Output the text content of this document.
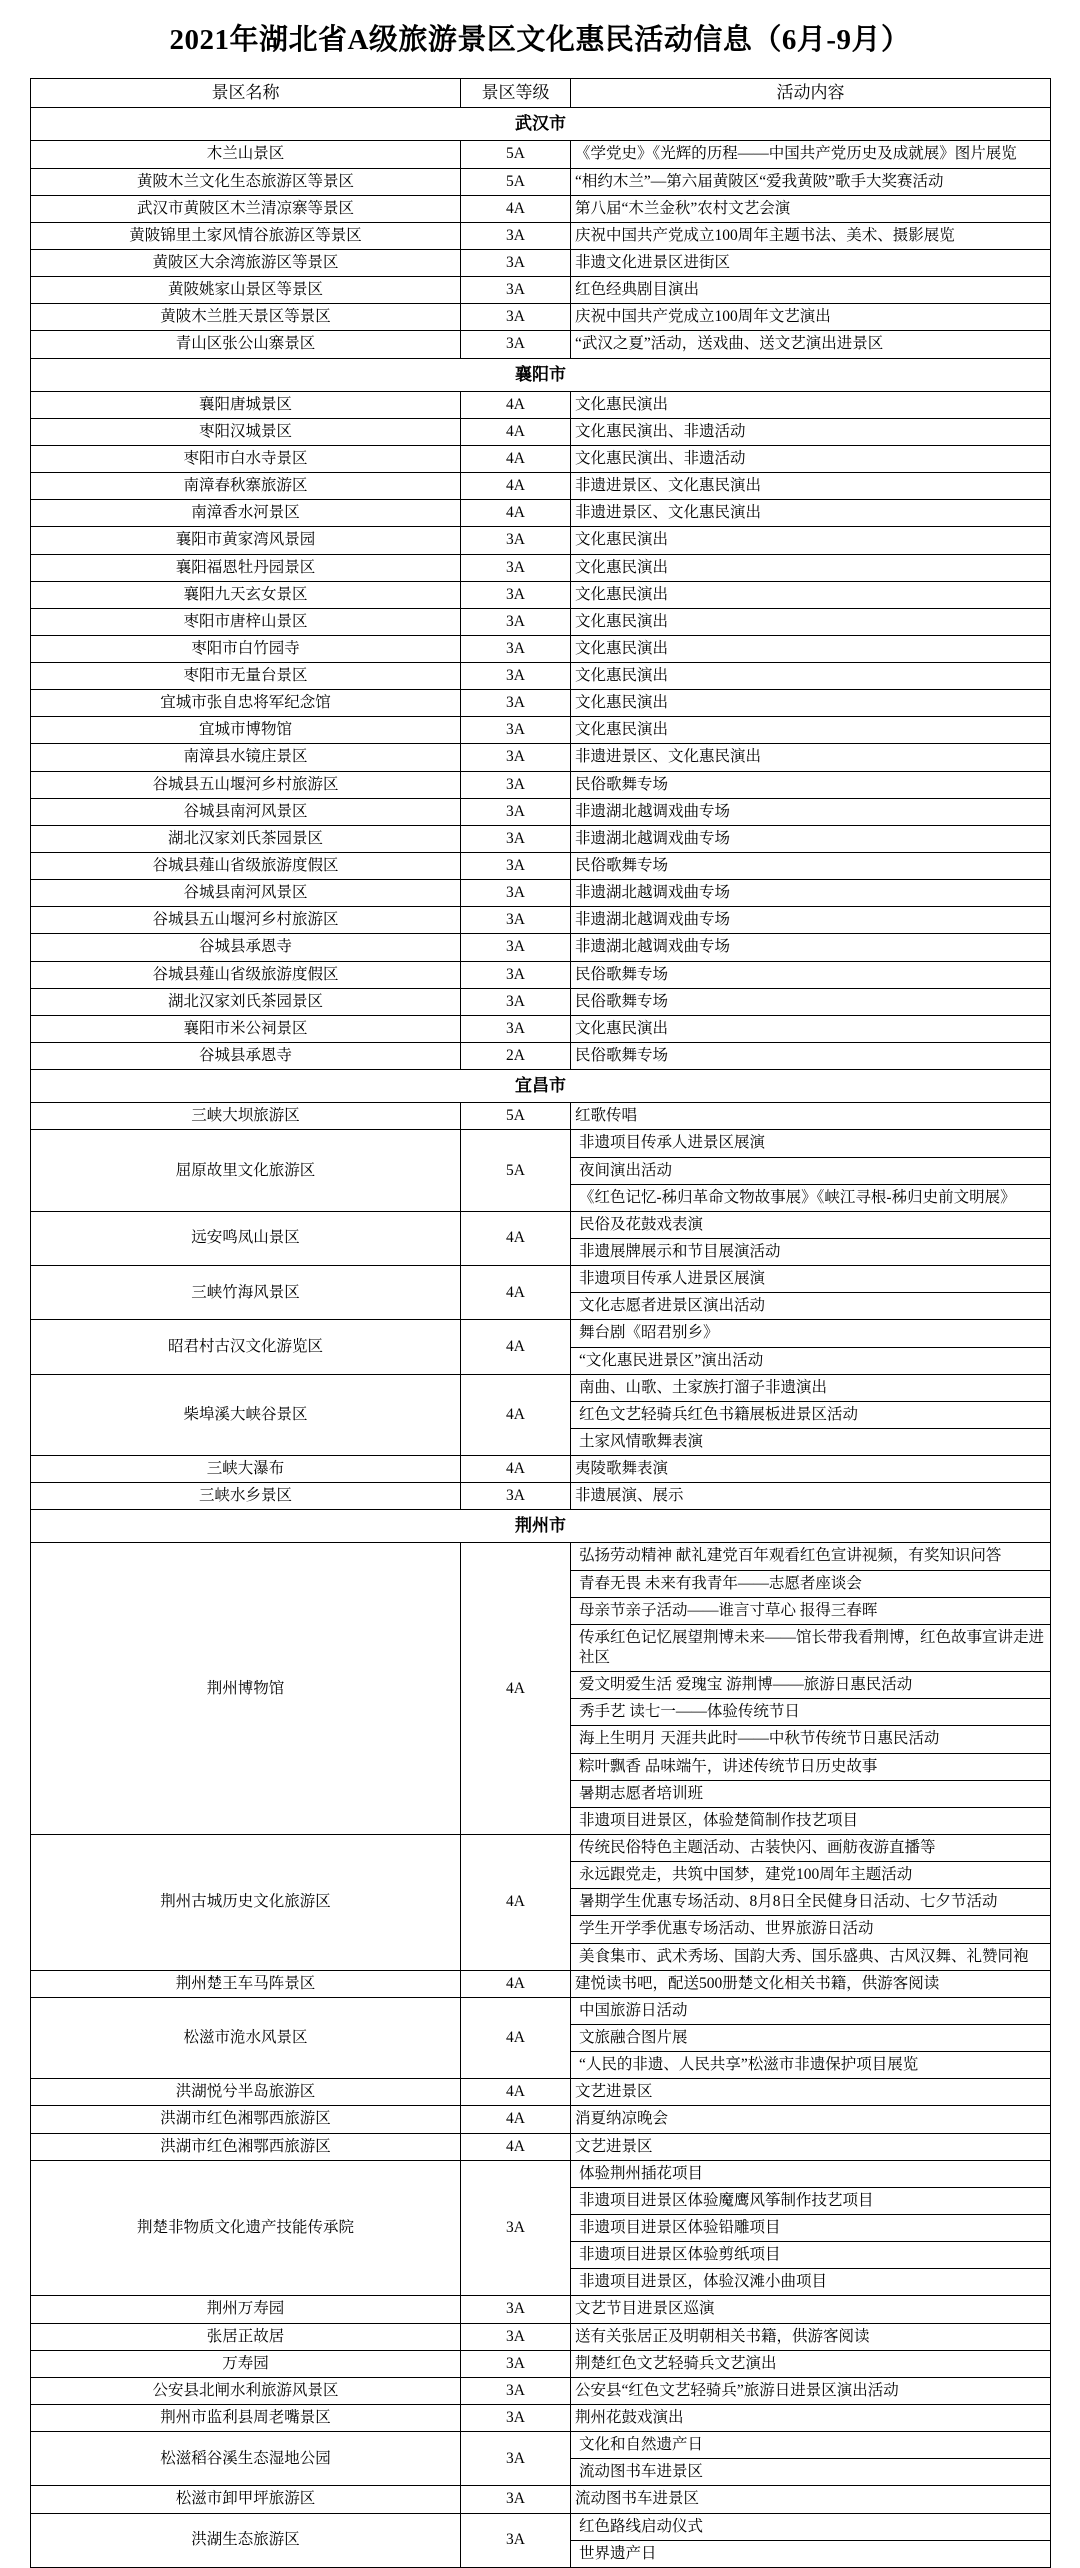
2021年湖北省A级旅游景区文化惠民活动信息（6月-9月）
景区名称	景区等级	活动内容
武汉市
木兰山景区	5A	《学党史》《光辉的历程——中国共产党历史及成就展》图片展览
黄陂木兰文化生态旅游区等景区	5A	“相约木兰”—第六届黄陂区“爱我黄陂”歌手大奖赛活动
武汉市黄陂区木兰清凉寨等景区	4A	第八届“木兰金秋”农村文艺会演
黄陂锦里土家风情谷旅游区等景区	3A	庆祝中国共产党成立100周年主题书法、美术、摄影展览
黄陂区大余湾旅游区等景区	3A	非遗文化进景区进街区
黄陂姚家山景区等景区	3A	红色经典剧目演出
黄陂木兰胜天景区等景区	3A	庆祝中国共产党成立100周年文艺演出
青山区张公山寨景区	3A	“武汉之夏”活动，送戏曲、送文艺演出进景区
襄阳市
襄阳唐城景区	4A	文化惠民演出
枣阳汉城景区	4A	文化惠民演出、非遗活动
枣阳市白水寺景区	4A	文化惠民演出、非遗活动
南漳春秋寨旅游区	4A	非遗进景区、文化惠民演出
南漳香水河景区	4A	非遗进景区、文化惠民演出
襄阳市黄家湾风景园	3A	文化惠民演出
襄阳福恩牡丹园景区	3A	文化惠民演出
襄阳九天玄女景区	3A	文化惠民演出
枣阳市唐梓山景区	3A	文化惠民演出
枣阳市白竹园寺	3A	文化惠民演出
枣阳市无量台景区	3A	文化惠民演出
宜城市张自忠将军纪念馆	3A	文化惠民演出
宜城市博物馆	3A	文化惠民演出
南漳县水镜庄景区	3A	非遗进景区、文化惠民演出
谷城县五山堰河乡村旅游区	3A	民俗歌舞专场
谷城县南河风景区	3A	非遗湖北越调戏曲专场
湖北汉家刘氏茶园景区	3A	非遗湖北越调戏曲专场
谷城县薤山省级旅游度假区	3A	民俗歌舞专场
谷城县南河风景区	3A	非遗湖北越调戏曲专场
谷城县五山堰河乡村旅游区	3A	非遗湖北越调戏曲专场
谷城县承恩寺	3A	非遗湖北越调戏曲专场
谷城县薤山省级旅游度假区	3A	民俗歌舞专场
湖北汉家刘氏茶园景区	3A	民俗歌舞专场
襄阳市米公祠景区	3A	文化惠民演出
谷城县承恩寺	2A	民俗歌舞专场
宜昌市
三峡大坝旅游区	5A	红歌传唱
屈原故里文化旅游区	5A	
非遗项目传承人进景区展演
夜间演出活动
《红色记忆-秭归革命文物故事展》《峡江寻根-秭归史前文明展》

远安鸣凤山景区	4A	
民俗及花鼓戏表演
非遗展牌展示和节目展演活动

三峡竹海风景区	4A	
非遗项目传承人进景区展演
文化志愿者进景区演出活动

昭君村古汉文化游览区	4A	
舞台剧《昭君别乡》
“文化惠民进景区”演出活动

柴埠溪大峡谷景区	4A	
南曲、山歌、土家族打溜子非遗演出
红色文艺轻骑兵红色书籍展板进景区活动
土家风情歌舞表演

三峡大瀑布	4A	夷陵歌舞表演
三峡水乡景区	3A	非遗展演、展示
荆州市
荆州博物馆	4A	
弘扬劳动精神 献礼建党百年观看红色宣讲视频，有奖知识问答
青春无畏 未来有我青年——志愿者座谈会
母亲节亲子活动——谁言寸草心 报得三春晖
传承红色记忆展望荆博未来——馆长带我看荆博，红色故事宣讲走进社区
爱文明爱生活 爱瑰宝 游荆博——旅游日惠民活动
秀手艺 读七一——体验传统节日
海上生明月 天涯共此时——中秋节传统节日惠民活动
粽叶飘香 品味端午，讲述传统节日历史故事
暑期志愿者培训班
非遗项目进景区，体验楚简制作技艺项目

荆州古城历史文化旅游区	4A	
传统民俗特色主题活动、古装快闪、画舫夜游直播等
永远跟党走，共筑中国梦，建党100周年主题活动
暑期学生优惠专场活动、8月8日全民健身日活动、七夕节活动
学生开学季优惠专场活动、世界旅游日活动
美食集市、武术秀场、国韵大秀、国乐盛典、古风汉舞、礼赞同袍

荆州楚王车马阵景区	4A	建悦读书吧，配送500册楚文化相关书籍，供游客阅读
松滋市洈水风景区	4A	
中国旅游日活动
文旅融合图片展
“人民的非遗、人民共享”松滋市非遗保护项目展览

洪湖悦兮半岛旅游区	4A	文艺进景区
洪湖市红色湘鄂西旅游区	4A	消夏纳凉晚会
洪湖市红色湘鄂西旅游区	4A	文艺进景区
荆楚非物质文化遗产技能传承院	3A	
体验荆州插花项目
非遗项目进景区体验魔鹰风筝制作技艺项目
非遗项目进景区体验铅雕项目
非遗项目进景区体验剪纸项目
非遗项目进景区，体验汉滩小曲项目

荆州万寿园	3A	文艺节目进景区巡演
张居正故居	3A	送有关张居正及明朝相关书籍，供游客阅读
万寿园	3A	荆楚红色文艺轻骑兵文艺演出
公安县北闸水利旅游风景区	3A	公安县“红色文艺轻骑兵”旅游日进景区演出活动
荆州市监利县周老嘴景区	3A	荆州花鼓戏演出
松滋稻谷溪生态湿地公园	3A	
文化和自然遗产日
流动图书车进景区

松滋市卸甲坪旅游区	3A	流动图书车进景区
洪湖生态旅游区	3A	
红色路线启动仪式
世界遗产日
